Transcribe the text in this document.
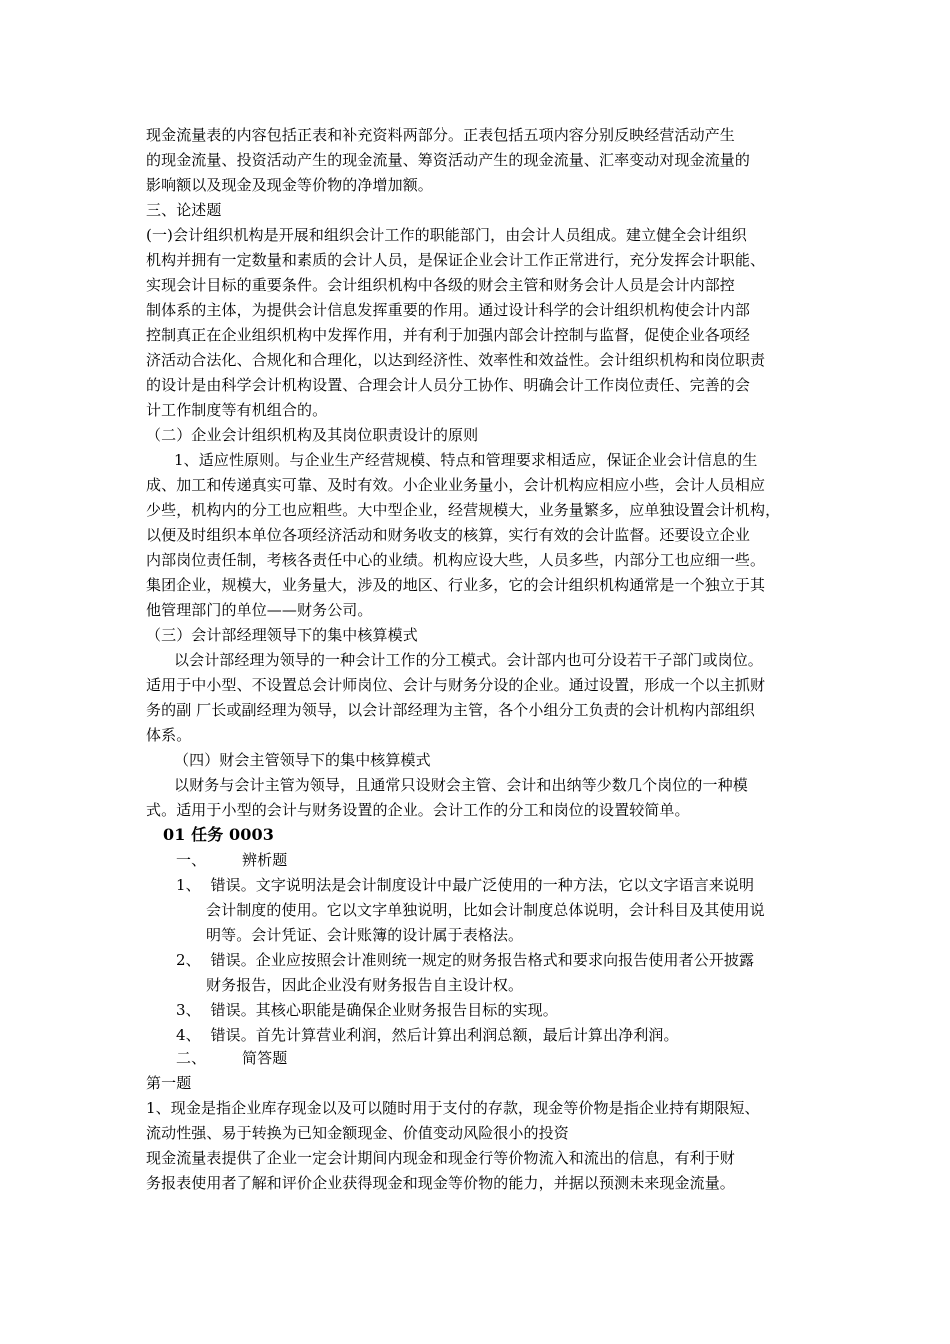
现金流量表的内容包括正表和补充资料两部分。正表包括五项内容分别反映经营活动产生
的现金流量、投资活动产生的现金流量、筹资活动产生的现金流量、汇率变动对现金流量的
影响额以及现金及现金等价物的净增加额。
三、论述题
(一)会计组织机构是开展和组织会计工作的职能部门，由会计人员组成。建立健全会计组织
机构并拥有一定数量和素质的会计人员，是保证企业会计工作正常进行，充分发挥会计职能、
实现会计目标的重要条件。会计组织机构中各级的财会主管和财务会计人员是会计内部控
制体系的主体，为提供会计信息发挥重要的作用。通过设计科学的会计组织机构使会计内部
控制真正在企业组织机构中发挥作用，并有利于加强内部会计控制与监督，促使企业各项经
济活动合法化、合规化和合理化，以达到经济性、效率性和效益性。会计组织机构和岗位职责
的设计是由科学会计机构设置、合理会计人员分工协作、明确会计工作岗位责任、完善的会
计工作制度等有机组合的。
（二）企业会计组织机构及其岗位职责设计的原则
1、适应性原则。与企业生产经营规模、特点和管理要求相适应，保证企业会计信息的生
成、加工和传递真实可靠、及时有效。小企业业务量小，会计机构应相应小些，会计人员相应
少些，机构内的分工也应粗些。大中型企业，经营规模大，业务量繁多，应单独设置会计机构，
以便及时组织本单位各项经济活动和财务收支的核算，实行有效的会计监督。还要设立企业
内部岗位责任制，考核各责任中心的业绩。机构应设大些，人员多些，内部分工也应细一些。
集团企业，规模大，业务量大，涉及的地区、行业多，它的会计组织机构通常是一个独立于其
他管理部门的单位——财务公司。
（三）会计部经理领导下的集中核算模式
以会计部经理为领导的一种会计工作的分工模式。会计部内也可分设若干子部门或岗位。
适用于中小型、不设置总会计师岗位、会计与财务分设的企业。通过设置，形成一个以主抓财
务的副 厂长或副经理为领导，以会计部经理为主管，各个小组分工负责的会计机构内部组织
体系。
（四）财会主管领导下的集中核算模式
以财务与会计主管为领导，且通常只设财会主管、会计和出纳等少数几个岗位的一种模
式。适用于小型的会计与财务设置的企业。会计工作的分工和岗位的设置较简单。
01 任务 0003
一、 辨析题
1、 错误。文字说明法是会计制度设计中最广泛使用的一种方法，它以文字语言来说明
会计制度的使用。它以文字单独说明，比如会计制度总体说明，会计科目及其使用说
明等。会计凭证、会计账簿的设计属于表格法。
2、 错误。企业应按照会计准则统一规定的财务报告格式和要求向报告使用者公开披露
财务报告，因此企业没有财务报告自主设计权。
3、 错误。其核心职能是确保企业财务报告目标的实现。
4、 错误。首先计算营业利润，然后计算出利润总额，最后计算出净利润。
二、 简答题
第一题
1、现金是指企业库存现金以及可以随时用于支付的存款，现金等价物是指企业持有期限短、
流动性强、易于转换为已知金额现金、价值变动风险很小的投资
现金流量表提供了企业一定会计期间内现金和现金行等价物流入和流出的信息，有利于财
务报表使用者了解和评价企业获得现金和现金等价物的能力，并据以预测未来现金流量。
